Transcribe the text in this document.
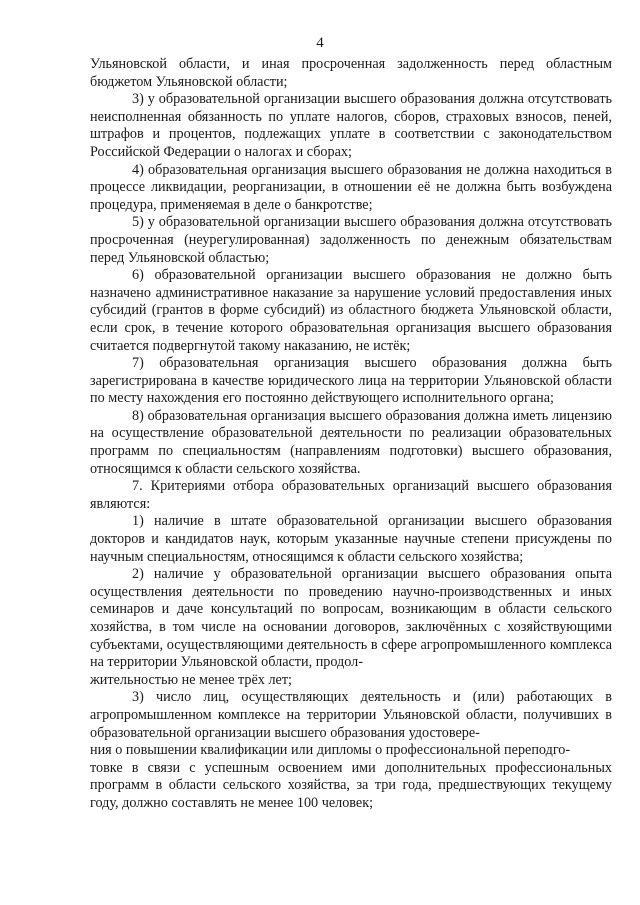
4

Ульяновской области, и иная просроченная задолженность перед областным бюджетом Ульяновской области;

3) у образовательной организации высшего образования должна отсутствовать неисполненная обязанность по уплате налогов, сборов, страховых взносов, пеней, штрафов и процентов, подлежащих уплате в соответствии с законодательством Российской Федерации о налогах и сборах;

4) образовательная организация высшего образования не должна находиться в процессе ликвидации, реорганизации, в отношении её не должна быть возбуждена процедура, применяемая в деле о банкротстве;

5) у образовательной организации высшего образования должна отсутствовать просроченная (неурегулированная) задолженность по денежным обязательствам перед Ульяновской областью;

6) образовательной организации высшего образования не должно быть назначено административное наказание за нарушение условий предоставления иных субсидий (грантов в форме субсидий) из областного бюджета Ульяновской области, если срок, в течение которого образовательная организация высшего образования считается подвергнутой такому наказанию, не истёк;

7) образовательная организация высшего образования должна быть зарегистрирована в качестве юридического лица на территории Ульяновской области по месту нахождения его постоянно действующего исполнительного органа;

8) образовательная организация высшего образования должна иметь лицензию на осуществление образовательной деятельности по реализации образовательных программ по специальностям (направлениям подготовки) высшего образования, относящимся к области сельского хозяйства.

7. Критериями отбора образовательных организаций высшего образования являются:

1) наличие в штате образовательной организации высшего образования докторов и кандидатов наук, которым указанные научные степени присуждены по научным специальностям, относящимся к области сельского хозяйства;

2) наличие у образовательной организации высшего образования опыта осуществления деятельности по проведению научно-производственных и иных семинаров и даче консультаций по вопросам, возникающим в области сельского хозяйства, в том числе на основании договоров, заключённых с хозяйствующими субъектами, осуществляющими деятельность в сфере агропромышленного комплекса на территории Ульяновской области, продол-
жительностью не менее трёх лет;

3) число лиц, осуществляющих деятельность и (или) работающих в агропромышленном комплексе на территории Ульяновской области, получивших в образовательной организации высшего образования удостовере-
ния о повышении квалификации или дипломы о профессиональной переподго-
товке в связи с успешным освоением ими дополнительных профессиональных программ в области сельского хозяйства, за три года, предшествующих текущему году, должно составлять не менее 100 человек;
